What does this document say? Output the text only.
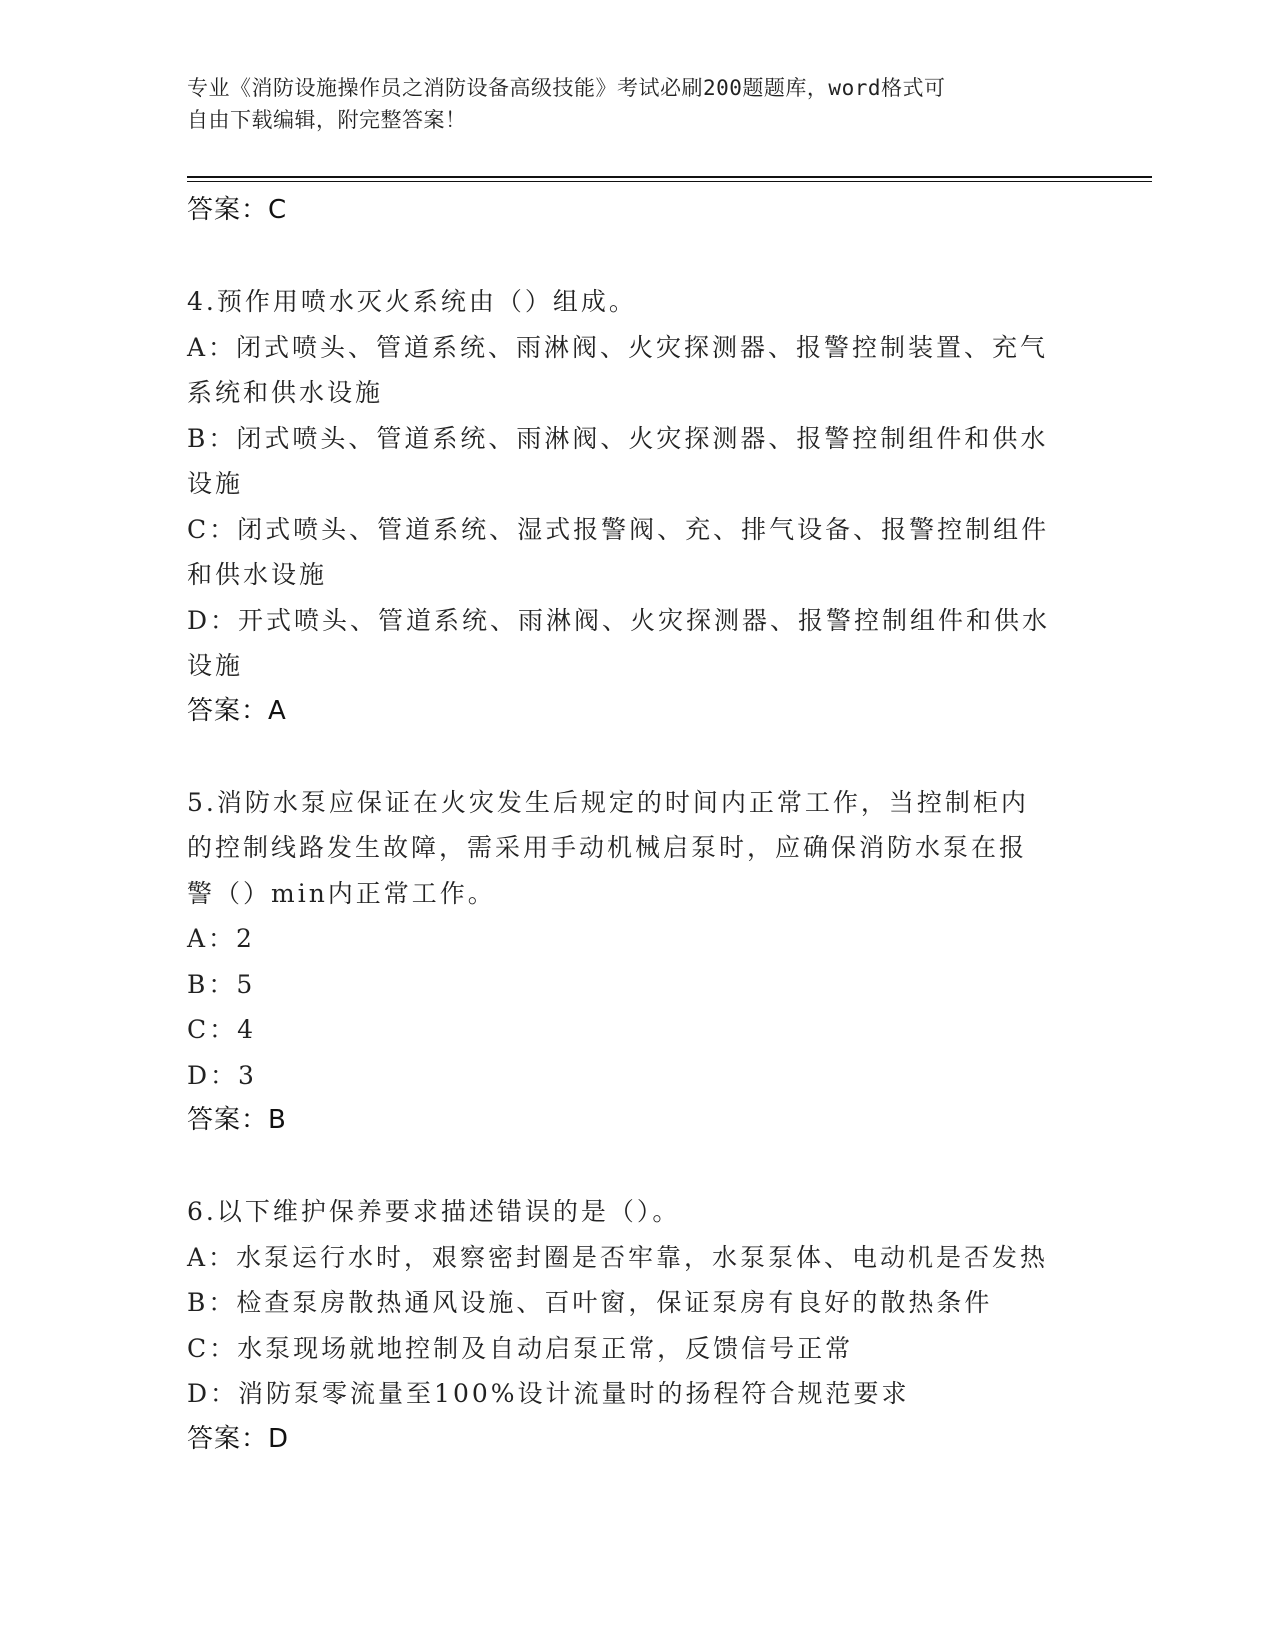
专业《消防设施操作员之消防设备高级技能》考试必刷200题题库，word格式可
自由下载编辑，附完整答案！
答案：C
4.预作用喷水灭火系统由（）组成。
A：闭式喷头、管道系统、雨淋阀、火灾探测器、报警控制装置、充气
系统和供水设施
B：闭式喷头、管道系统、雨淋阀、火灾探测器、报警控制组件和供水
设施
C：闭式喷头、管道系统、湿式报警阀、充、排气设备、报警控制组件
和供水设施
D：开式喷头、管道系统、雨淋阀、火灾探测器、报警控制组件和供水
设施
答案：A
5.消防水泵应保证在火灾发生后规定的时间内正常工作，当控制柜内
的控制线路发生故障，需采用手动机械启泵时，应确保消防水泵在报
警（）min内正常工作。
A：2
B：5
C：4
D：3
答案：B
6.以下维护保养要求描述错误的是（）。
A：水泵运行水时，艰察密封圈是否牢靠，水泵泵体、电动机是否发热
B：检查泵房散热通风设施、百叶窗，保证泵房有良好的散热条件
C：水泵现场就地控制及自动启泵正常，反馈信号正常
D：消防泵零流量至100%设计流量时的扬程符合规范要求
答案：D
